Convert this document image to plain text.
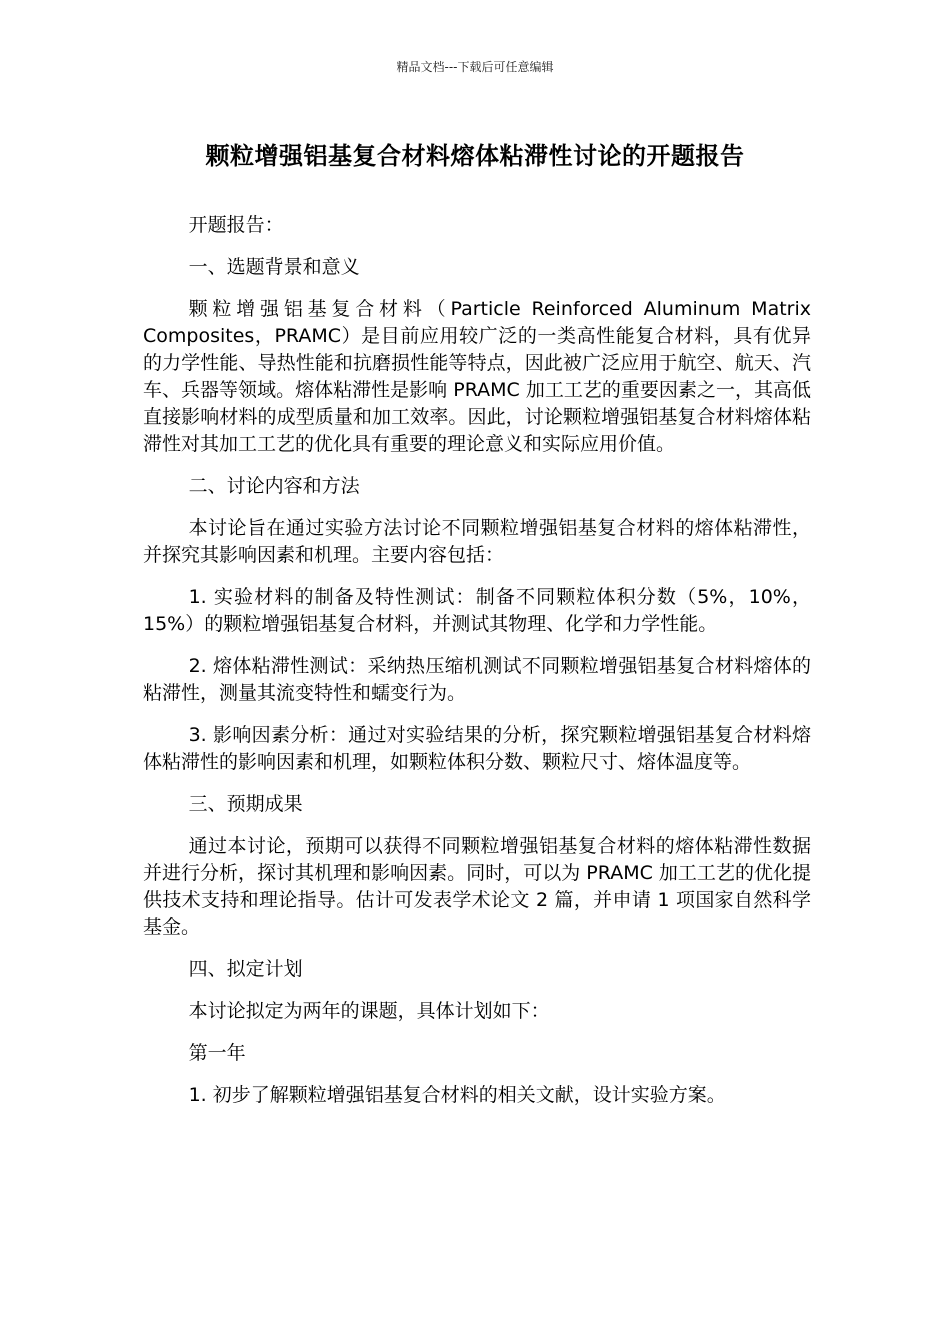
精品文档---下载后可任意编辑
颗粒增强铝基复合材料熔体粘滞性讨论的开题报告

开题报告：

一、选题背景和意义

颗粒增强铝基复合材料（Particle Reinforced Aluminum Matrix Composites，PRAMC）是目前应用较广泛的一类高性能复合材料，具有优异的力学性能、导热性能和抗磨损性能等特点，因此被广泛应用于航空、航天、汽车、兵器等领域。熔体粘滞性是影响 PRAMC 加工工艺的重要因素之一，其高低直接影响材料的成型质量和加工效率。因此，讨论颗粒增强铝基复合材料熔体粘滞性对其加工工艺的优化具有重要的理论意义和实际应用价值。

二、讨论内容和方法

本讨论旨在通过实验方法讨论不同颗粒增强铝基复合材料的熔体粘滞性，并探究其影响因素和机理。主要内容包括：

1. 实验材料的制备及特性测试：制备不同颗粒体积分数（5%，10%，15%）的颗粒增强铝基复合材料，并测试其物理、化学和力学性能。

2. 熔体粘滞性测试：采纳热压缩机测试不同颗粒增强铝基复合材料熔体的粘滞性，测量其流变特性和蠕变行为。

3. 影响因素分析：通过对实验结果的分析，探究颗粒增强铝基复合材料熔体粘滞性的影响因素和机理，如颗粒体积分数、颗粒尺寸、熔体温度等。

三、预期成果

通过本讨论，预期可以获得不同颗粒增强铝基复合材料的熔体粘滞性数据并进行分析，探讨其机理和影响因素。同时，可以为 PRAMC 加工工艺的优化提供技术支持和理论指导。估计可发表学术论文 2 篇，并申请 1 项国家自然科学基金。

四、拟定计划

本讨论拟定为两年的课题，具体计划如下：

第一年

1. 初步了解颗粒增强铝基复合材料的相关文献，设计实验方案。
